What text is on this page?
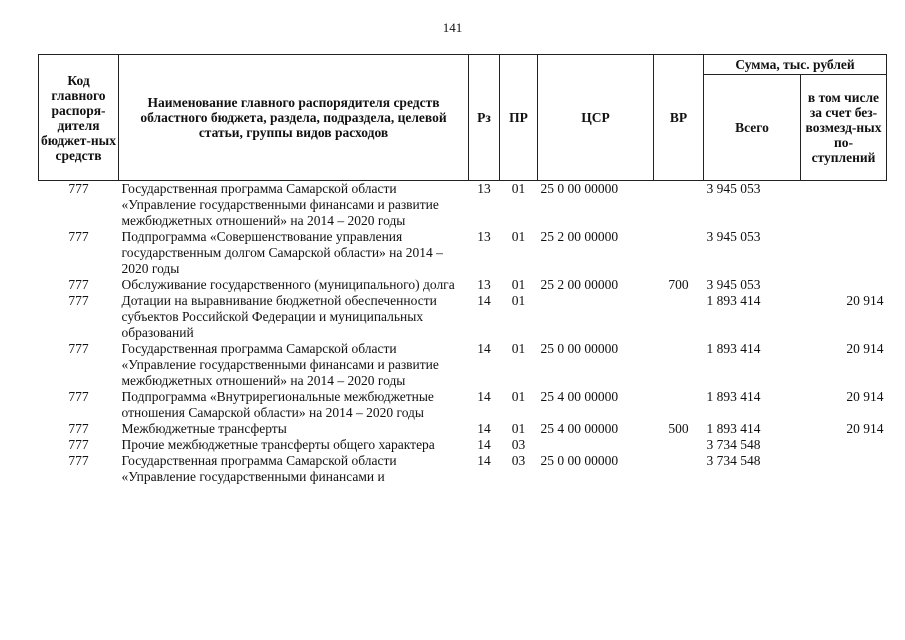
141
Код главного распоря-дителя бюджет-ных средств	Наименование главного распорядителя средств областного бюджета, раздела, подраздела, целевой статьи, группы видов расходов	Рз	ПР	ЦСР	ВР	Сумма, тыс. рублей	
						Всего	в том числе за счет без-возмезд-ных по-ступлений
777	Государственная программа Самарской области «Управление государственными финансами и развитие межбюджетных отношений» на 2014 – 2020 годы	13	01	25 0 00 00000		3 945 053	
777	Подпрограмма «Совершенствование управления государственным долгом Самарской области» на 2014 – 2020 годы	13	01	25 2 00 00000		3 945 053	
777	Обслуживание государственного (муниципального) долга	13	01	25 2 00 00000	700	3 945 053	
777	Дотации на выравнивание бюджетной обеспеченности субъектов Российской Федерации и муниципальных образований	14	01			1 893 414	20 914
777	Государственная программа Самарской области «Управление государственными финансами и развитие межбюджетных отношений» на 2014 – 2020 годы	14	01	25 0 00 00000		1 893 414	20 914
777	Подпрограмма «Внутрирегиональные межбюджетные отношения Самарской области» на 2014 – 2020 годы	14	01	25 4 00 00000		1 893 414	20 914
777	Межбюджетные трансферты	14	01	25 4 00 00000	500	1 893 414	20 914
777	Прочие межбюджетные трансферты общего характера	14	03			3 734 548	
777	Государственная программа Самарской области «Управление государственными финансами и	14	03	25 0 00 00000		3 734 548	
